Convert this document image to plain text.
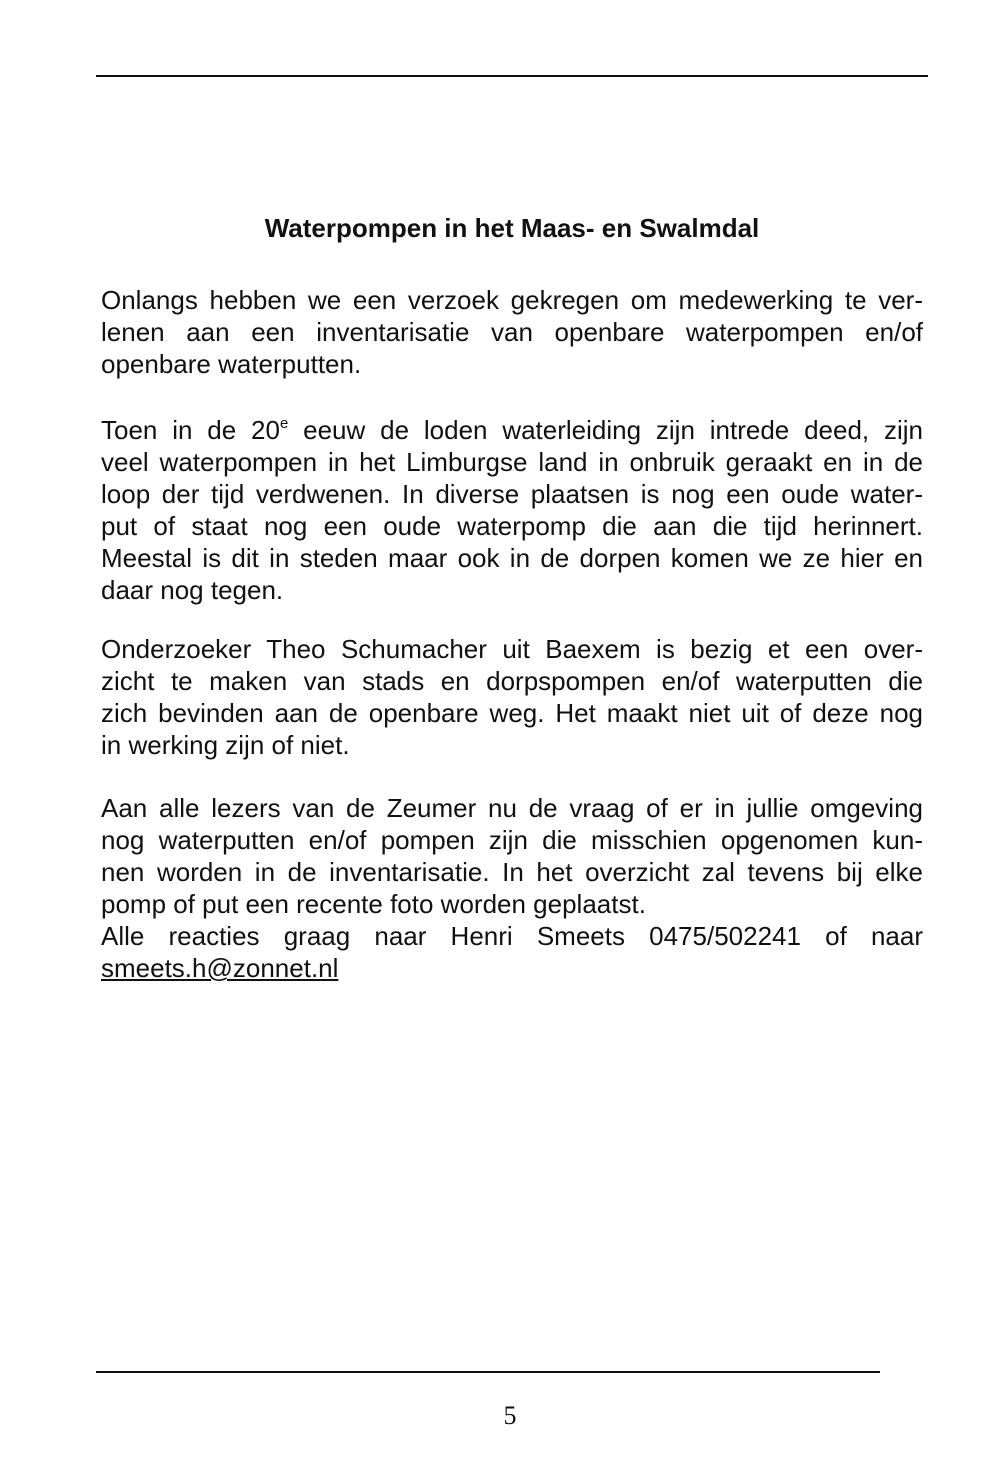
Waterpompen in het Maas- en Swalmdal

Onlangs hebben we een verzoek gekregen om medewerking te ver-
lenen aan een inventarisatie van openbare waterpompen en/of
openbare waterputten.

Toen in de 20e eeuw de loden waterleiding zijn intrede deed, zijn
veel waterpompen in het Limburgse land in onbruik geraakt en in de
loop der tijd verdwenen. In diverse plaatsen is nog een oude water-
put of staat nog een oude waterpomp die aan die tijd herinnert.
Meestal is dit in steden maar ook in de dorpen komen we ze hier en
daar nog tegen.

Onderzoeker Theo Schumacher uit Baexem is bezig et een over-
zicht te maken van stads en dorpspompen en/of waterputten die
zich bevinden aan de openbare weg. Het maakt niet uit of deze nog
in werking zijn of niet.

Aan alle lezers van de Zeumer nu de vraag of er in jullie omgeving
nog waterputten en/of pompen zijn die misschien opgenomen kun-
nen worden in de inventarisatie. In het overzicht zal tevens bij elke
pomp of put een recente foto worden geplaatst.
Alle reacties graag naar Henri Smeets 0475/502241 of naar
smeets.h@zonnet.nl

5
